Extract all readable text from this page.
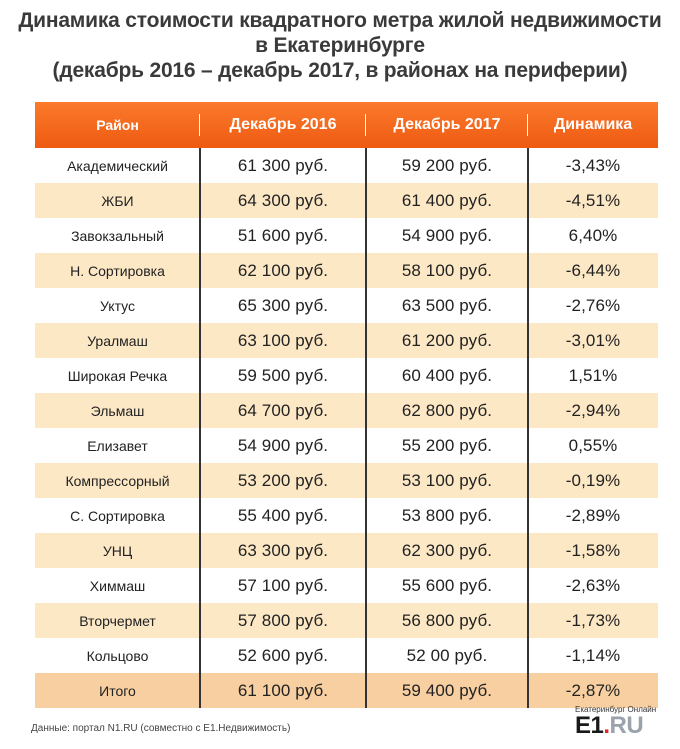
Динамика стоимости квадратного метра жилой недвижимости
в Екатеринбурге
(декабрь 2016 – декабрь 2017, в районах на периферии)
Район	Декабрь 2016	Декабрь 2017	Динамика
Академический	61 300 руб.	59 200 руб.	-3,43%
ЖБИ	64 300 руб.	61 400 руб.	-4,51%
Завокзальный	51 600 руб.	54 900 руб.	6,40%
Н. Сортировка	62 100 руб.	58 100 руб.	-6,44%
Уктус	65 300 руб.	63 500 руб.	-2,76%
Уралмаш	63 100 руб.	61 200 руб.	-3,01%
Широкая Речка	59 500 руб.	60 400 руб.	1,51%
Эльмаш	64 700 руб.	62 800 руб.	-2,94%
Елизавет	54 900 руб.	55 200 руб.	0,55%
Компрессорный	53 200 руб.	53 100 руб.	-0,19%
С. Сортировка	55 400 руб.	53 800 руб.	-2,89%
УНЦ	63 300 руб.	62 300 руб.	-1,58%
Химмаш	57 100 руб.	55 600 руб.	-2,63%
Вторчермет	57 800 руб.	56 800 руб.	-1,73%
Кольцово	52 600 руб.	52 00 руб.	-1,14%
Итого	61 100 руб.	59 400 руб.	-2,87%
Данные: портал N1.RU (совместно с Е1.Недвижимость)
Екатеринбург Онлайн
E1.RU
